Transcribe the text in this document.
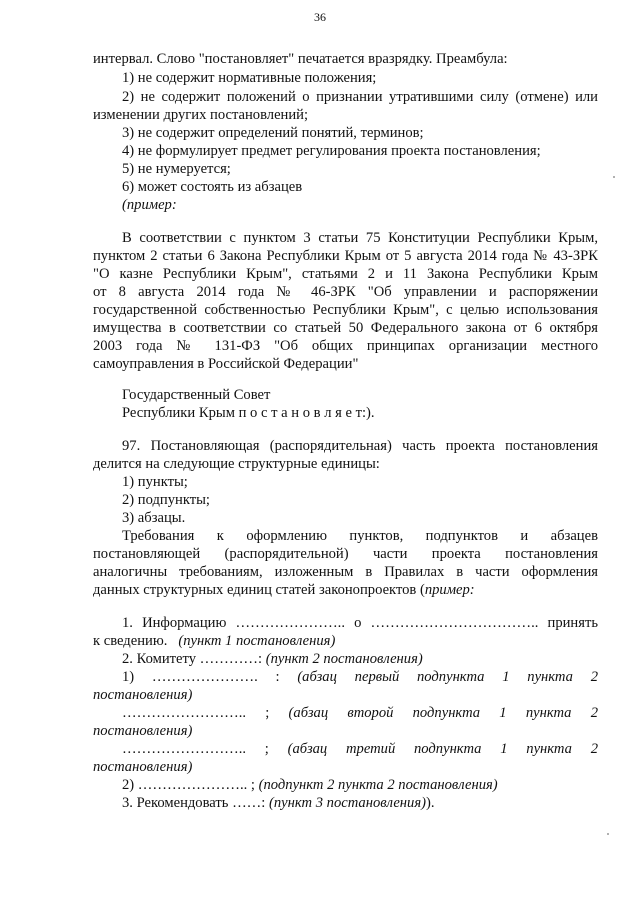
36
интервал. Слово "постановляет" печатается вразрядку. Преамбула:
1) не содержит нормативные положения;
2) не содержит положений о признании утратившими силу (отмене) или
изменении других постановлений;
3) не содержит определений понятий, терминов;
4) не формулирует предмет регулирования проекта постановления;
5) не нумеруется;
6) может состоять из абзацев
(пример:
В соответствии с пунктом 3 статьи 75 Конституции Республики Крым,
пунктом 2 статьи 6 Закона Республики Крым от 5 августа 2014 года № 43-ЗРК
"О казне Республики Крым", статьями 2 и 11 Закона Республики Крым
от 8 августа 2014 года № 46-ЗРК "Об управлении и распоряжении
государственной собственностью Республики Крым", с целью использования
имущества в соответствии со статьей 50 Федерального закона от 6 октября
2003 года № 131-ФЗ "Об общих принципах организации местного
самоуправления в Российской Федерации"
Государственный Совет
Республики Крым п о с т а н о в л я е т:).
97. Постановляющая (распорядительная) часть проекта постановления
делится на следующие структурные единицы:
1) пункты;
2) подпункты;
3) абзацы.
Требования к оформлению пунктов, подпунктов и абзацев
постановляющей (распорядительной) части проекта постановления
аналогичны требованиям, изложенным в Правилах в части оформления
данных структурных единиц статей законопроектов (пример:
1. Информацию ………………….. о …………………………….. принять
к сведению. (пункт 1 постановления)
2. Комитету …………: (пункт 2 постановления)
1) …………………. : (абзац первый подпункта 1 пункта 2
постановления)
…………………….. ; (абзац второй подпункта 1 пункта 2
постановления)
…………………….. ; (абзац третий подпункта 1 пункта 2
постановления)
2) ………………….. ; (подпункт 2 пункта 2 постановления)
3. Рекомендовать ……: (пункт 3 постановления)).
